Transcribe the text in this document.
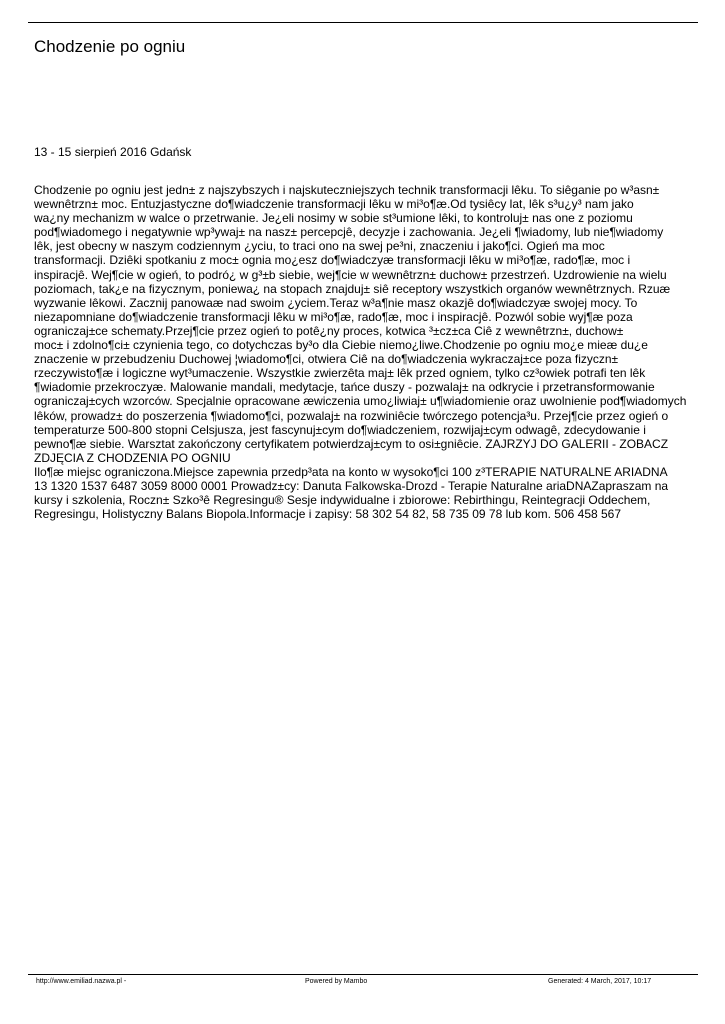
Chodzenie po ogniu
13 - 15 sierpień 2016 Gdańsk
Chodzenie po ogniu jest jedn± z najszybszych i najskuteczniejszych technik transformacji lêku. To siêganie po w³asn±
wewnêtrzn± moc. Entuzjastyczne do¶wiadczenie transformacji lêku w mi³o¶æ.Od tysiêcy lat, lêk s³u¿y³ nam jako
wa¿ny mechanizm w walce o przetrwanie. Je¿eli nosimy w sobie st³umione lêki, to kontroluj± nas one z poziomu
pod¶wiadomego i negatywnie wp³ywaj± na nasz± percepcjê, decyzje i zachowania. Je¿eli ¶wiadomy, lub nie¶wiadomy
lêk, jest obecny w naszym codziennym ¿yciu, to traci ono na swej pe³ni, znaczeniu i jako¶ci. Ogień ma moc
transformacji. Dziêki spotkaniu z moc± ognia mo¿esz do¶wiadczyæ transformacji lêku w mi³o¶æ, rado¶æ, moc i
inspiracjê. Wej¶cie w ogień, to podró¿ w g³±b siebie, wej¶cie w wewnêtrzn± duchow± przestrzeń. Uzdrowienie na wielu
poziomach, tak¿e na fizycznym, poniewa¿ na stopach znajduj± siê receptory wszystkich organów wewnêtrznych. Rzuæ
wyzwanie lêkowi. Zacznij panowaæ nad swoim ¿yciem.Teraz w³a¶nie masz okazjê do¶wiadczyæ swojej mocy. To
niezapomniane do¶wiadczenie transformacji lêku w mi³o¶æ, rado¶æ, moc i inspiracjê. Pozwól sobie wyj¶æ poza
ograniczaj±ce schematy.Przej¶cie przez ogień to potê¿ny proces, kotwica ³±cz±ca Ciê z wewnêtrzn±, duchow±
moc± i zdolno¶ci± czynienia tego, co dotychczas by³o dla Ciebie niemo¿liwe.Chodzenie po ogniu mo¿e mieæ du¿e
znaczenie w przebudzeniu Duchowej ¦wiadomo¶ci, otwiera Ciê na do¶wiadczenia wykraczaj±ce poza fizyczn±
rzeczywisto¶æ i logiczne wyt³umaczenie. Wszystkie zwierzêta maj± lêk przed ogniem, tylko cz³owiek potrafi ten lêk
¶wiadomie przekroczyæ. Malowanie mandali, medytacje, tańce duszy - pozwalaj± na odkrycie i przetransformowanie
ograniczaj±cych wzorców. Specjalnie opracowane æwiczenia umo¿liwiaj± u¶wiadomienie oraz uwolnienie pod¶wiadomych
lêków, prowadz± do poszerzenia ¶wiadomo¶ci, pozwalaj± na rozwiniêcie twórczego potencja³u. Przej¶cie przez ogień o
temperaturze 500-800 stopni Celsjusza, jest fascynuj±cym do¶wiadczeniem, rozwijaj±cym odwagê, zdecydowanie i
pewno¶æ siebie. Warsztat zakończony certyfikatem potwierdzaj±cym to osi±gniêcie. ZAJRZYJ DO GALERII - ZOBACZ
ZDJĘCIA Z CHODZENIA PO OGNIU
Ilo¶æ miejsc ograniczona.Miejsce zapewnia przedp³ata na konto w wysoko¶ci 100 z³TERAPIE NATURALNE ARIADNA
13 1320 1537 6487 3059 8000 0001 Prowadz±cy: Danuta Falkowska-Drozd - Terapie Naturalne ariaDNAZapraszam na
kursy i szkolenia, Roczn± Szko³ê Regresingu® Sesje indywidualne i zbiorowe: Rebirthingu, Reintegracji Oddechem,
Regresingu, Holistyczny Balans Biopola.Informacje i zapisy: 58 302 54 82, 58 735 09 78 lub kom. 506 458 567
http://www.emiliad.nazwa.pl -	Powered by Mambo	Generated: 4 March, 2017, 10:17
